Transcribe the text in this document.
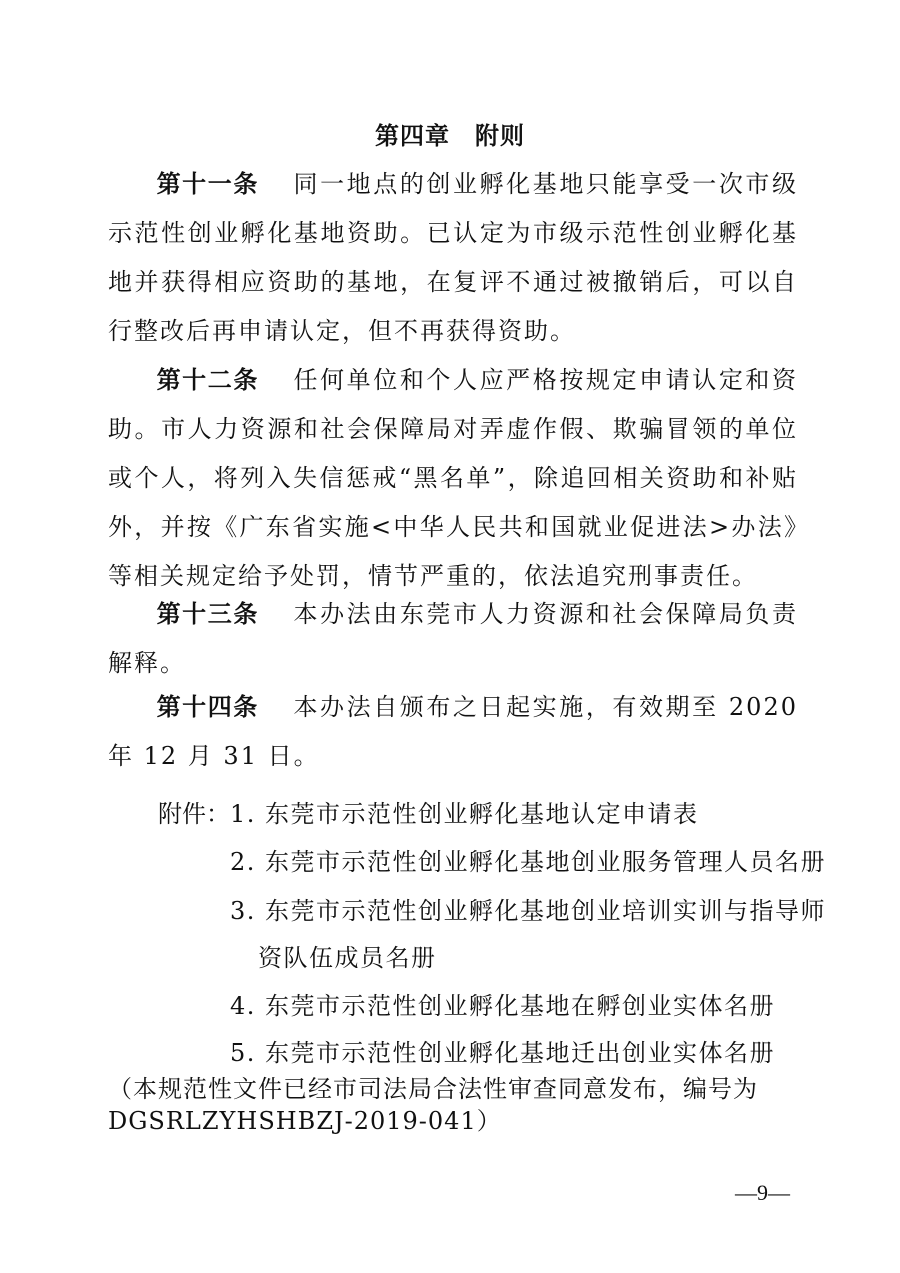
第四章　附则
第十一条 同一地点的创业孵化基地只能享受一次市级示范性创业孵化基地资助。已认定为市级示范性创业孵化基地并获得相应资助的基地，在复评不通过被撤销后，可以自行整改后再申请认定，但不再获得资助。
第十二条 任何单位和个人应严格按规定申请认定和资助。市人力资源和社会保障局对弄虚作假、欺骗冒领的单位或个人，将列入失信惩戒“黑名单”，除追回相关资助和补贴外，并按《广东省实施<中华人民共和国就业促进法>办法》等相关规定给予处罚，情节严重的，依法追究刑事责任。
第十三条 本办法由东莞市人力资源和社会保障局负责解释。
第十四条 本办法自颁布之日起实施，有效期至 2020 年 12 月 31 日。
附件： 1. 东莞市示范性创业孵化基地认定申请表
2. 东莞市示范性创业孵化基地创业服务管理人员名册
3. 东莞市示范性创业孵化基地创业培训实训与指导师
资队伍成员名册
4. 东莞市示范性创业孵化基地在孵创业实体名册
5. 东莞市示范性创业孵化基地迁出创业实体名册
（本规范性文件已经市司法局合法性审查同意发布，编号为DGSRLZYHSHBZJ-2019-041）
—9—
